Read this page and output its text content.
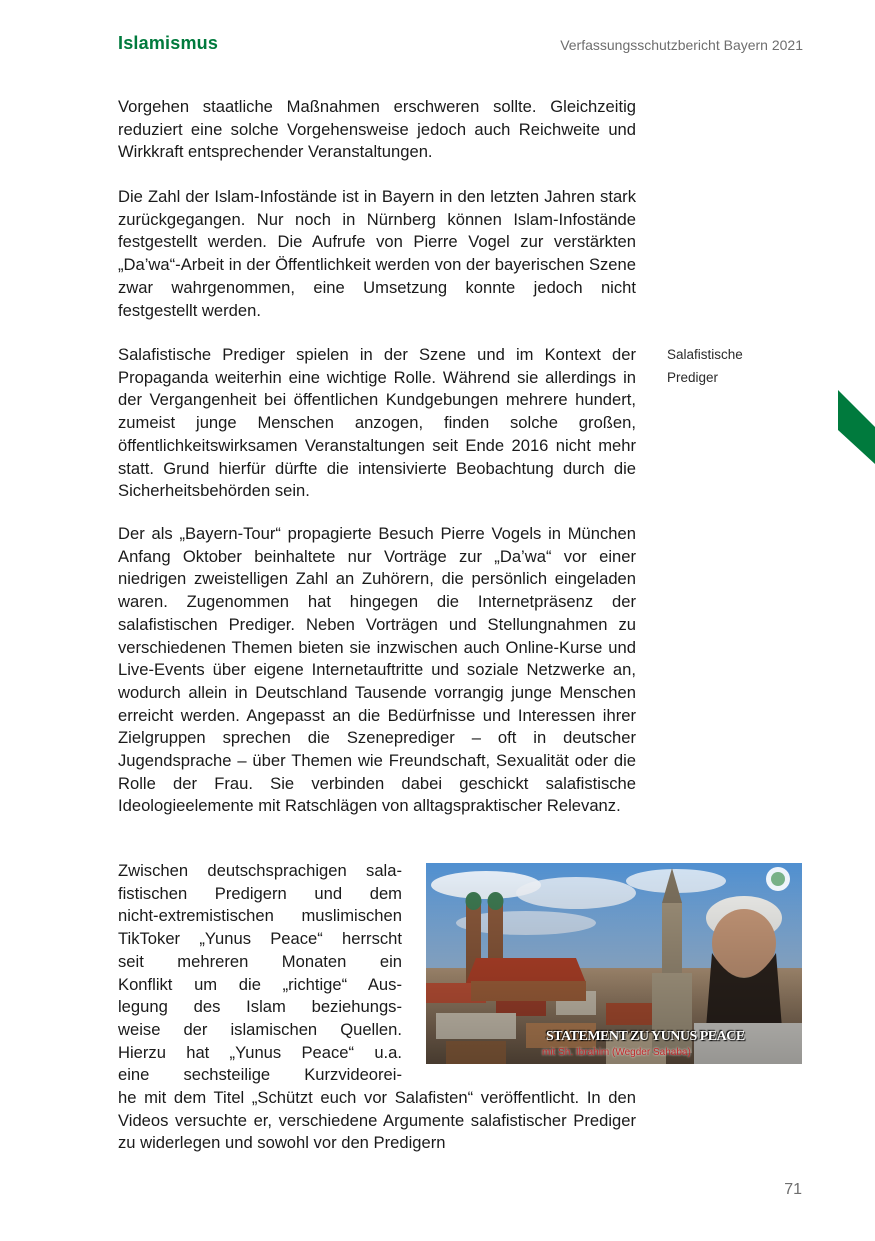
Islamismus	Verfassungsschutzbericht Bayern 2021

Vorgehen staatliche Maßnahmen erschweren sollte. Gleichzeitig reduziert eine solche Vorgehensweise jedoch auch Reichweite und Wirkkraft entsprechender Veranstaltungen.

Die Zahl der Islam-Infostände ist in Bayern in den letzten Jahren stark zurückgegangen. Nur noch in Nürnberg können Islam-Infostände festgestellt werden. Die Aufrufe von Pierre Vogel zur verstärkten „Da’wa“-Arbeit in der Öffentlichkeit werden von der bayerischen Szene zwar wahrgenommen, eine Umsetzung konnte jedoch nicht festgestellt werden.

Salafistische Prediger spielen in der Szene und im Kontext der Propaganda weiterhin eine wichtige Rolle. Während sie allerdings in der Vergangenheit bei öffentlichen Kundgebungen mehrere hundert, zumeist junge Menschen anzogen, finden solche großen, öffentlichkeitswirksamen Veranstaltungen seit Ende 2016 nicht mehr statt. Grund hierfür dürfte die intensivierte Beobachtung durch die Sicherheitsbehörden sein.

Der als „Bayern-Tour“ propagierte Besuch Pierre Vogels in München Anfang Oktober beinhaltete nur Vorträge zur „Da’wa“ vor einer niedrigen zweistelligen Zahl an Zuhörern, die persönlich eingeladen waren. Zugenommen hat hingegen die Internetpräsenz der salafistischen Prediger. Neben Vorträgen und Stellungnahmen zu verschiedenen Themen bieten sie inzwischen auch Online-Kurse und Live-Events über eigene Internetauftritte und soziale Netzwerke an, wodurch allein in Deutschland Tausende vorrangig junge Menschen erreicht werden. Angepasst an die Bedürfnisse und Interessen ihrer Zielgruppen sprechen die Szeneprediger – oft in deutscher Jugendsprache – über Themen wie Freundschaft, Sexualität oder die Rolle der Frau. Sie verbinden dabei geschickt salafistische Ideologieelemente mit Ratschlägen von alltagspraktischer Relevanz.

Salafistische
Prediger
Zwischen deutschsprachigen sala-
fistischen Predigern und dem
nicht-extremistischen muslimischen
TikToker „Yunus Peace“ herrscht
seit mehreren Monaten ein
Konflikt um die „richtige“ Aus-
legung des Islam beziehungs-
weise der islamischen Quellen.
Hierzu hat „Yunus Peace“ u.a.
eine sechsteilige Kurzvideorei-

he mit dem Titel „Schützt euch vor Salafisten“ veröffentlicht. In den Videos versuchte er, verschiedene Argumente salafistischer Prediger zu widerlegen und sowohl vor den Predigern

STATEMENT ZU YUNUS PEACE
mit Sh. Ibrahim (Wegder Sahaba)
71
